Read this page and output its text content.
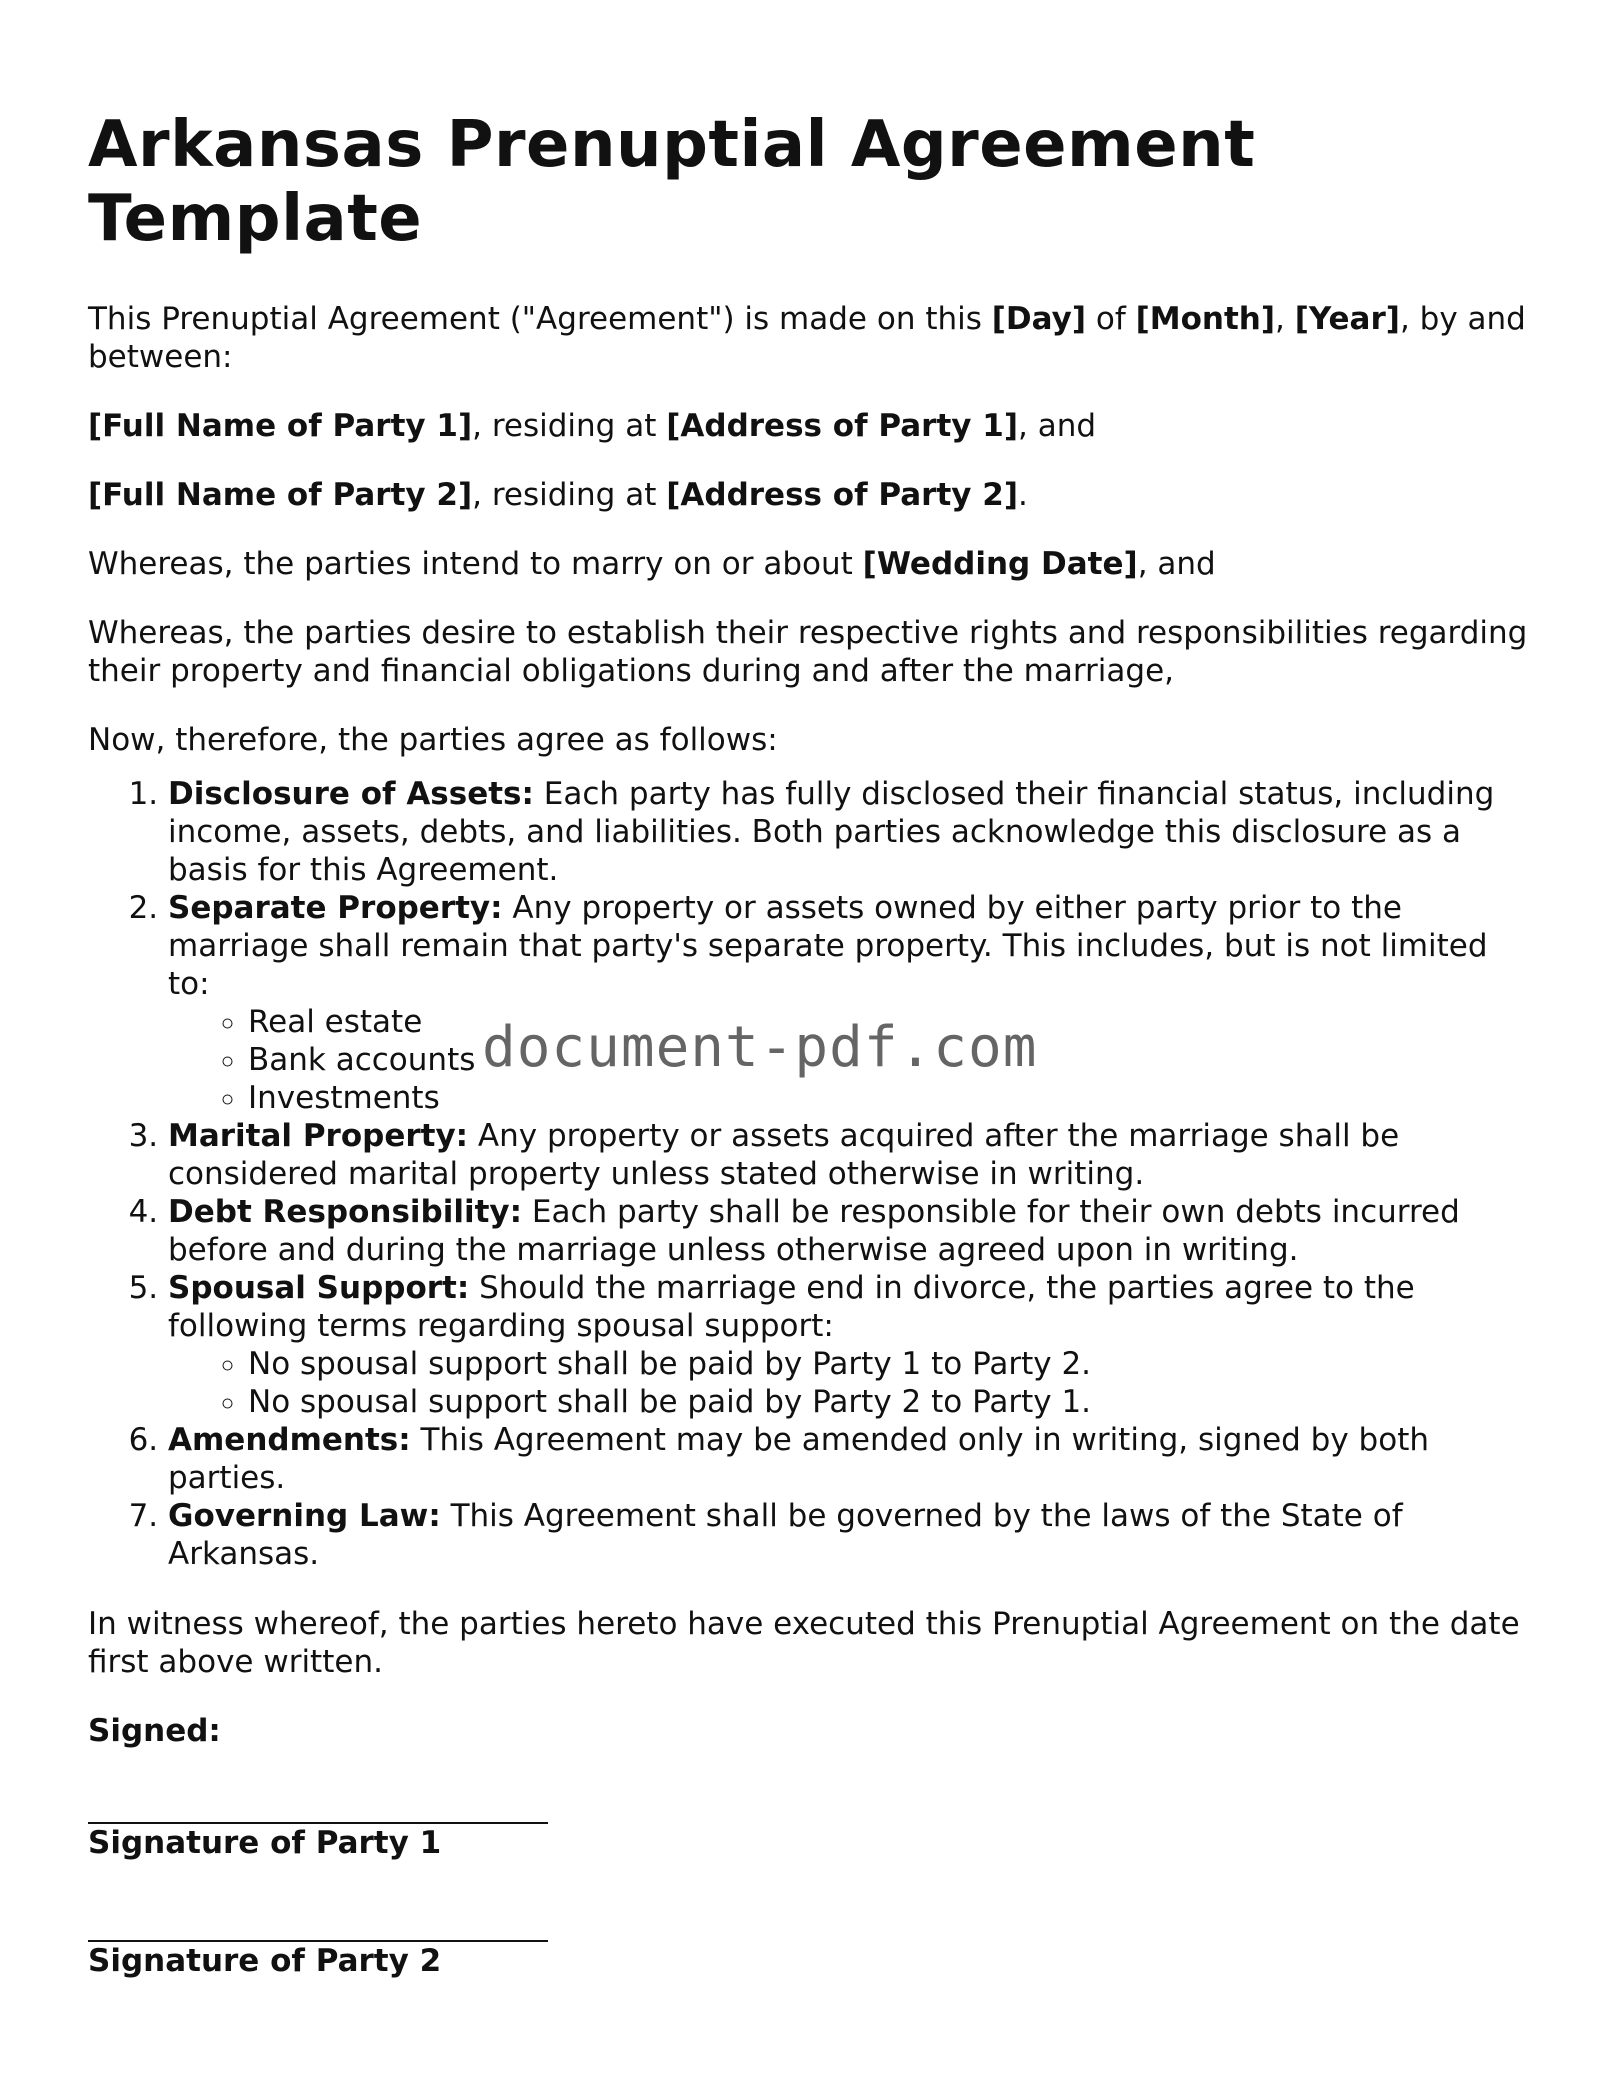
Arkansas Prenuptial Agreement Template

This Prenuptial Agreement ("Agreement") is made on this [Day] of [Month], [Year], by and between:

[Full Name of Party 1], residing at [Address of Party 1], and

[Full Name of Party 2], residing at [Address of Party 2].

Whereas, the parties intend to marry on or about [Wedding Date], and

Whereas, the parties desire to establish their respective rights and responsibilities regarding their property and financial obligations during and after the marriage,

Now, therefore, the parties agree as follows:

1. Disclosure of Assets: Each party has fully disclosed their financial status, including income, assets, debts, and liabilities. Both parties acknowledge this disclosure as a basis for this Agreement.
2. Separate Property: Any property or assets owned by either party prior to the marriage shall remain that party's separate property. This includes, but is not limited to:
◦ Real estate
◦ Bank accounts
◦ Investments
3. Marital Property: Any property or assets acquired after the marriage shall be considered marital property unless stated otherwise in writing.
4. Debt Responsibility: Each party shall be responsible for their own debts incurred before and during the marriage unless otherwise agreed upon in writing.
5. Spousal Support: Should the marriage end in divorce, the parties agree to the following terms regarding spousal support:
◦ No spousal support shall be paid by Party 1 to Party 2.
◦ No spousal support shall be paid by Party 2 to Party 1.
6. Amendments: This Agreement may be amended only in writing, signed by both parties.
7. Governing Law: This Agreement shall be governed by the laws of the State of Arkansas.

In witness whereof, the parties hereto have executed this Prenuptial Agreement on the date first above written.

Signed:

Signature of Party 1

Signature of Party 2

document-pdf.com
